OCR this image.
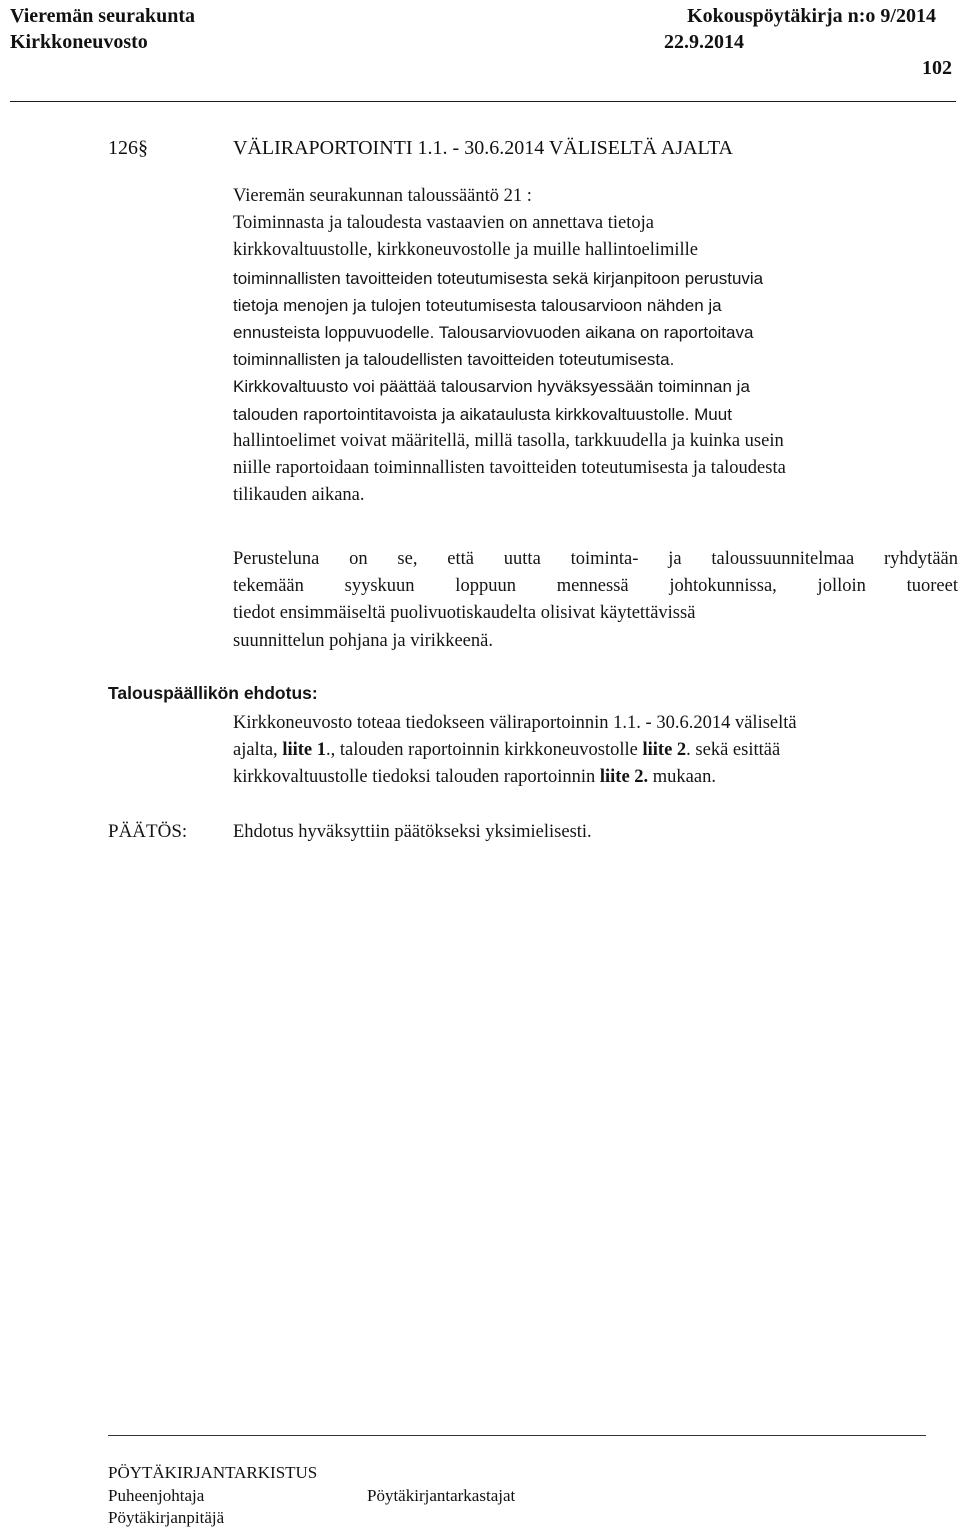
Vieremän seurakunta
Kirkkoneuvosto
Kokouspöytäkirja n:o 9/2014
22.9.2014
102
126§	VÄLIRAPORTOINTI 1.1. - 30.6.2014 VÄLISELTÄ AJALTA
Vieremän seurakunnan taloussääntö 21 :
Toiminnasta ja taloudesta vastaavien on annettava tietoja
kirkkovaltuustolle, kirkkoneuvostolle ja muille hallintoelimille
toiminnallisten tavoitteiden toteutumisesta sekä kirjanpitoon perustuvia
tietoja menojen ja tulojen toteutumisesta talousarvioon nähden ja
ennusteista loppuvuodelle. Talousarviovuoden aikana on raportoitava
toiminnallisten ja taloudellisten tavoitteiden toteutumisesta.
Kirkkovaltuusto voi päättää talousarvion hyväksyessään toiminnan ja
talouden raportointitavoista ja aikataulusta kirkkovaltuustolle. Muut
hallintoelimet voivat määritellä, millä tasolla, tarkkuudella ja kuinka usein
niille raportoidaan toiminnallisten tavoitteiden toteutumisesta ja taloudesta
tilikauden aikana.
Perusteluna on se, että uutta toiminta- ja taloussuunnitelmaa ryhdytään
tekemään syyskuun loppuun mennessä johtokunnissa, jolloin tuoreet
tiedot ensimmäiseltä puolivuotiskaudelta olisivat käytettävissä
suunnittelun pohjana ja virikkeenä.
Talouspäällikön ehdotus:
Kirkkoneuvosto toteaa tiedokseen väliraportoinnin 1.1. - 30.6.2014 väliseltä
ajalta, liite 1., talouden raportoinnin kirkkoneuvostolle liite 2. sekä esittää
kirkkovaltuustolle tiedoksi talouden raportoinnin liite 2. mukaan.
PÄÄTÖS: Ehdotus hyväksyttiin päätökseksi yksimielisesti.
PÖYTÄKIRJANTARKISTUS
Puheenjohtaja	Pöytäkirjantarkastajat
Pöytäkirjanpitäjä
